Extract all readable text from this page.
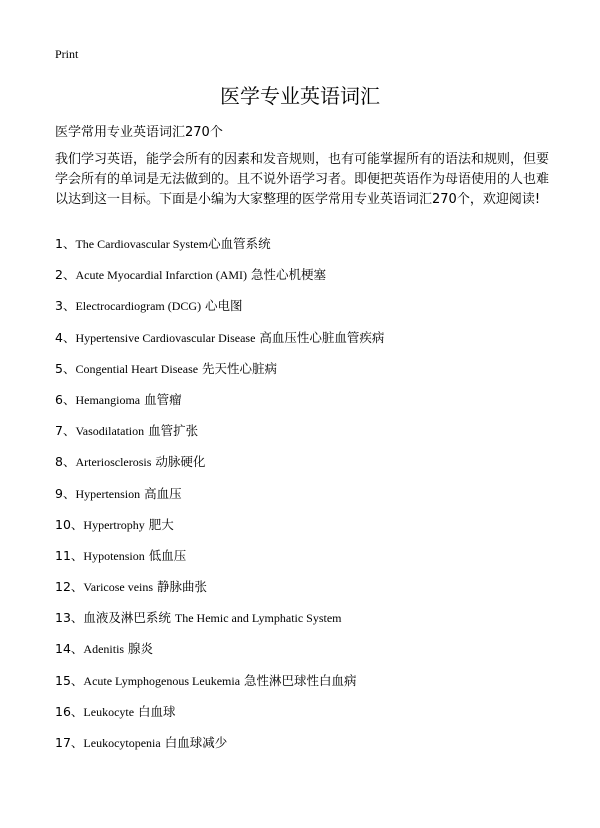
Print
医学专业英语词汇

医学常用专业英语词汇270个

我们学习英语，能学会所有的因素和发音规则，也有可能掌握所有的语法和规则，但要学会所有的单词是无法做到的。且不说外语学习者。即便把英语作为母语使用的人也难以达到这一目标。下面是小编为大家整理的医学常用专业英语词汇270个，欢迎阅读!

1、The Cardiovascular System心血管系统
2、Acute Myocardial Infarction (AMI) 急性心机梗塞
3、Electrocardiogram (DCG) 心电图
4、Hypertensive Cardiovascular Disease 高血压性心脏血管疾病
5、Congential Heart Disease 先天性心脏病
6、Hemangioma 血管瘤
7、Vasodilatation 血管扩张
8、Arteriosclerosis 动脉硬化
9、Hypertension 高血压
10、Hypertrophy 肥大
11、Hypotension 低血压
12、Varicose veins 静脉曲张
13、血液及淋巴系统 The Hemic and Lymphatic System
14、Adenitis 腺炎
15、Acute Lymphogenous Leukemia 急性淋巴球性白血病
16、Leukocyte 白血球
17、Leukocytopenia 白血球减少
